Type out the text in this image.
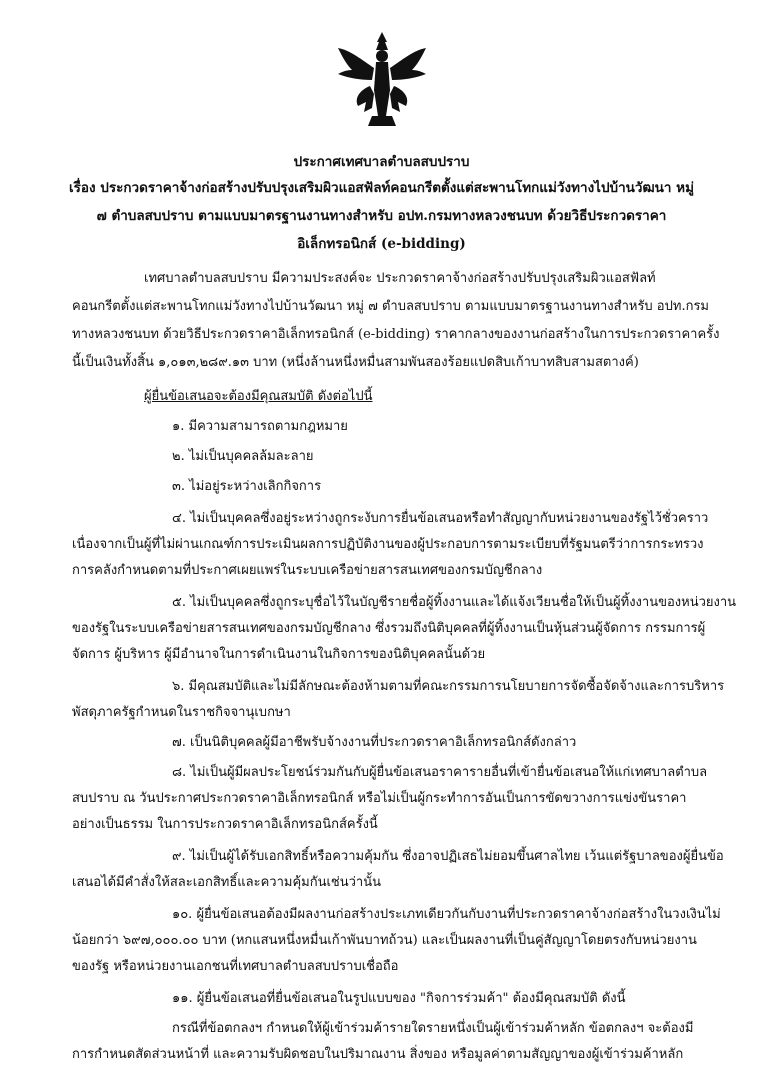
ประกาศเทศบาลตำบลสบปราบ
เรื่อง ประกวดราคาจ้างก่อสร้างปรับปรุงเสริมผิวแอสฟัลท์คอนกรีตตั้งแต่สะพานโทกแม่วังทางไปบ้านวัฒนา หมู่
๗ ตำบลสบปราบ ตามแบบมาตรฐานงานทางสำหรับ อปท.กรมทางหลวงชนบท ด้วยวิธีประกวดราคา
อิเล็กทรอนิกส์ (e-bidding)
เทศบาลตำบลสบปราบ มีความประสงค์จะ ประกวดราคาจ้างก่อสร้างปรับปรุงเสริมผิวแอสฟัลท์
คอนกรีตตั้งแต่สะพานโทกแม่วังทางไปบ้านวัฒนา หมู่ ๗ ตำบลสบปราบ ตามแบบมาตรฐานงานทางสำหรับ อปท.กรม
ทางหลวงชนบท ด้วยวิธีประกวดราคาอิเล็กทรอนิกส์ (e-bidding) ราคากลางของงานก่อสร้างในการประกวดราคาครั้ง
นี้เป็นเงินทั้งสิ้น ๑,๐๑๓,๒๘๙.๑๓ บาท (หนึ่งล้านหนึ่งหมื่นสามพันสองร้อยแปดสิบเก้าบาทสิบสามสตางค์)
ผู้ยื่นข้อเสนอจะต้องมีคุณสมบัติ ดังต่อไปนี้
๑. มีความสามารถตามกฎหมาย
๒. ไม่เป็นบุคคลล้มละลาย
๓. ไม่อยู่ระหว่างเลิกกิจการ
๔. ไม่เป็นบุคคลซึ่งอยู่ระหว่างถูกระงับการยื่นข้อเสนอหรือทำสัญญากับหน่วยงานของรัฐไว้ชั่วคราว
เนื่องจากเป็นผู้ที่ไม่ผ่านเกณฑ์การประเมินผลการปฏิบัติงานของผู้ประกอบการตามระเบียบที่รัฐมนตรีว่าการกระทรวง
การคลังกำหนดตามที่ประกาศเผยแพร่ในระบบเครือข่ายสารสนเทศของกรมบัญชีกลาง
๕. ไม่เป็นบุคคลซึ่งถูกระบุชื่อไว้ในบัญชีรายชื่อผู้ทิ้งงานและได้แจ้งเวียนชื่อให้เป็นผู้ทิ้งงานของหน่วยงาน
ของรัฐในระบบเครือข่ายสารสนเทศของกรมบัญชีกลาง ซึ่งรวมถึงนิติบุคคลที่ผู้ทิ้งงานเป็นหุ้นส่วนผู้จัดการ กรรมการผู้
จัดการ ผู้บริหาร ผู้มีอำนาจในการดำเนินงานในกิจการของนิติบุคคลนั้นด้วย
๖. มีคุณสมบัติและไม่มีลักษณะต้องห้ามตามที่คณะกรรมการนโยบายการจัดซื้อจัดจ้างและการบริหาร
พัสดุภาครัฐกำหนดในราชกิจจานุเบกษา
๗. เป็นนิติบุคคลผู้มีอาชีพรับจ้างงานที่ประกวดราคาอิเล็กทรอนิกส์ดังกล่าว
๘. ไม่เป็นผู้มีผลประโยชน์ร่วมกันกับผู้ยื่นข้อเสนอราคารายอื่นที่เข้ายื่นข้อเสนอให้แก่เทศบาลตำบล
สบปราบ ณ วันประกาศประกวดราคาอิเล็กทรอนิกส์ หรือไม่เป็นผู้กระทำการอันเป็นการขัดขวางการแข่งขันราคา
อย่างเป็นธรรม ในการประกวดราคาอิเล็กทรอนิกส์ครั้งนี้
๙. ไม่เป็นผู้ได้รับเอกสิทธิ์หรือความคุ้มกัน ซึ่งอาจปฏิเสธไม่ยอมขึ้นศาลไทย เว้นแต่รัฐบาลของผู้ยื่นข้อ
เสนอได้มีคำสั่งให้สละเอกสิทธิ์และความคุ้มกันเช่นว่านั้น
๑๐. ผู้ยื่นข้อเสนอต้องมีผลงานก่อสร้างประเภทเดียวกันกับงานที่ประกวดราคาจ้างก่อสร้างในวงเงินไม่
น้อยกว่า ๖๙๗,๐๐๐.๐๐ บาท (หกแสนหนึ่งหมื่นเก้าพันบาทถ้วน) และเป็นผลงานที่เป็นคู่สัญญาโดยตรงกับหน่วยงาน
ของรัฐ หรือหน่วยงานเอกชนที่เทศบาลตำบลสบปราบเชื่อถือ
๑๑. ผู้ยื่นข้อเสนอที่ยื่นข้อเสนอในรูปแบบของ "กิจการร่วมค้า" ต้องมีคุณสมบัติ ดังนี้
กรณีที่ข้อตกลงฯ กำหนดให้ผู้เข้าร่วมค้ารายใดรายหนึ่งเป็นผู้เข้าร่วมค้าหลัก ข้อตกลงฯ จะต้องมี
การกำหนดสัดส่วนหน้าที่ และความรับผิดชอบในปริมาณงาน สิ่งของ หรือมูลค่าตามสัญญาของผู้เข้าร่วมค้าหลัก
